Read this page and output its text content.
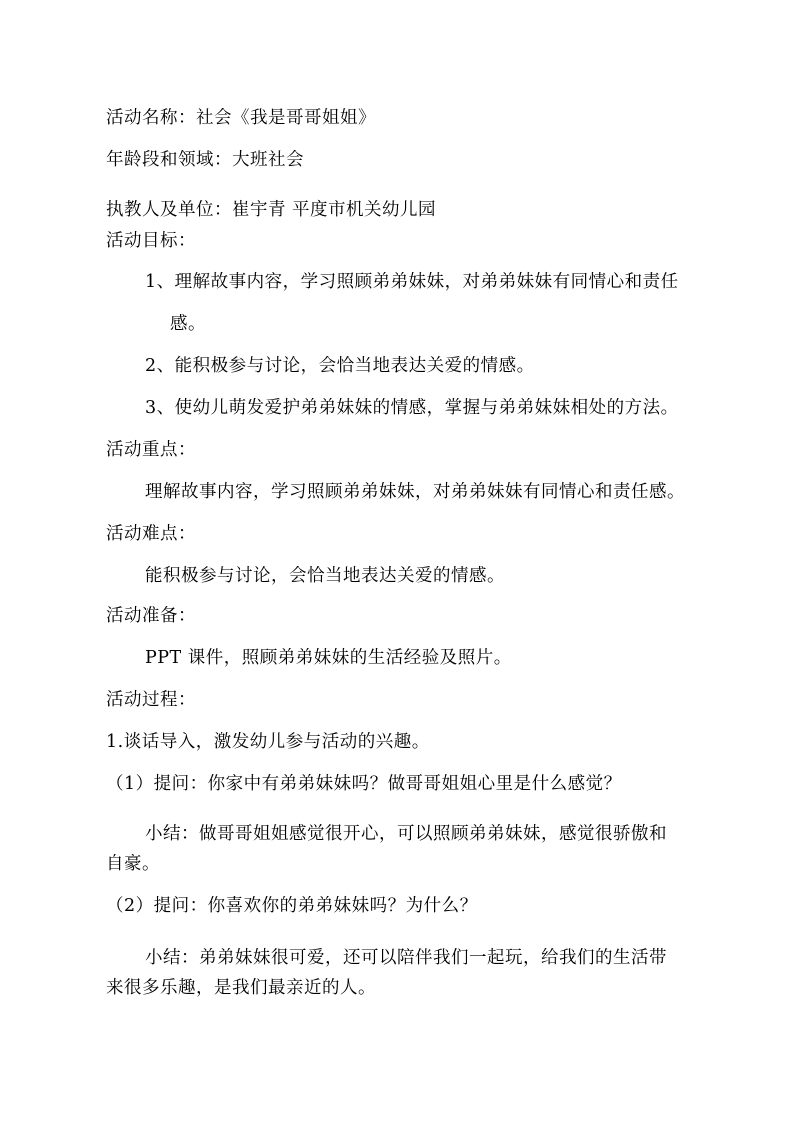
活动名称：社会《我是哥哥姐姐》
年龄段和领域：大班社会
执教人及单位：崔宇青 平度市机关幼儿园
活动目标：
1、理解故事内容，学习照顾弟弟妹妹，对弟弟妹妹有同情心和责任
感。
2、能积极参与讨论，会恰当地表达关爱的情感。
3、使幼儿萌发爱护弟弟妹妹的情感，掌握与弟弟妹妹相处的方法。
活动重点：
理解故事内容，学习照顾弟弟妹妹，对弟弟妹妹有同情心和责任感。
活动难点：
能积极参与讨论，会恰当地表达关爱的情感。
活动准备：
PPT 课件，照顾弟弟妹妹的生活经验及照片。
活动过程：
1.谈话导入，激发幼儿参与活动的兴趣。
（1）提问：你家中有弟弟妹妹吗？做哥哥姐姐心里是什么感觉？
小结：做哥哥姐姐感觉很开心，可以照顾弟弟妹妹，感觉很骄傲和
自豪。
（2）提问：你喜欢你的弟弟妹妹吗？为什么？
小结：弟弟妹妹很可爱，还可以陪伴我们一起玩，给我们的生活带
来很多乐趣，是我们最亲近的人。
